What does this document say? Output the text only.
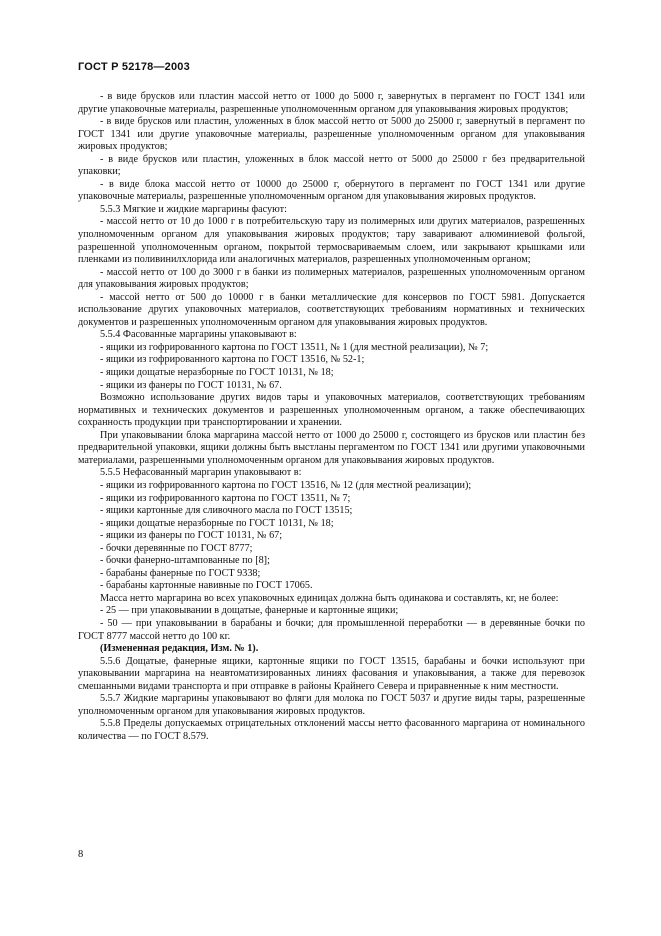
ГОСТ Р 52178—2003

- в виде брусков или пластин массой нетто от 1000 до 5000 г, завернутых в пергамент по ГОСТ 1341 или другие упаковочные материалы, разрешенные уполномоченным органом для упаковывания жировых продуктов;

- в виде брусков или пластин, уложенных в блок массой нетто от 5000 до 25000 г, завернутый в пергамент по ГОСТ 1341 или другие упаковочные материалы, разрешенные уполномоченным органом для упаковывания жировых продуктов;

- в виде брусков или пластин, уложенных в блок массой нетто от 5000 до 25000 г без предварительной упаковки;

- в виде блока массой нетто от 10000 до 25000 г, обернутого в пергамент по ГОСТ 1341 или другие упаковочные материалы, разрешенные уполномоченным органом для упаковывания жировых продуктов.

5.5.3 Мягкие и жидкие маргарины фасуют:

- массой нетто от 10 до 1000 г в потребительскую тару из полимерных или других материалов, разрешенных уполномоченным органом для упаковывания жировых продуктов; тару заваривают алюминиевой фольгой, разрешенной уполномоченным органом, покрытой термосвариваемым слоем, или закрывают крышками или пленками из поливинилхлорида или аналогичных материалов, разрешенных уполномоченным органом;

- массой нетто от 100 до 3000 г в банки из полимерных материалов, разрешенных уполномоченным органом для упаковывания жировых продуктов;

- массой нетто от 500 до 10000 г в банки металлические для консервов по ГОСТ 5981. Допускается использование других упаковочных материалов, соответствующих требованиям нормативных и технических документов и разрешенных уполномоченным органом для упаковывания жировых продуктов.

5.5.4 Фасованные маргарины упаковывают в:

- ящики из гофрированного картона по ГОСТ 13511, № 1 (для местной реализации), № 7;

- ящики из гофрированного картона по ГОСТ 13516, № 52-1;

- ящики дощатые неразборные по ГОСТ 10131, № 18;

- ящики из фанеры по ГОСТ 10131, № 67.

Возможно использование других видов тары и упаковочных материалов, соответствующих требованиям нормативных и технических документов и разрешенных уполномоченным органом, а также обеспечивающих сохранность продукции при транспортировании и хранении.

При упаковывании блока маргарина массой нетто от 1000 до 25000 г, состоящего из брусков или пластин без предварительной упаковки, ящики должны быть выстланы пергаментом по ГОСТ 1341 или другими упаковочными материалами, разрешенными уполномоченным органом для упаковывания жировых продуктов.

5.5.5 Нефасованный маргарин упаковывают в:

- ящики из гофрированного картона по ГОСТ 13516, № 12 (для местной реализации);

- ящики из гофрированного картона по ГОСТ 13511, № 7;

- ящики картонные для сливочного масла по ГОСТ 13515;

- ящики дощатые неразборные по ГОСТ 10131, № 18;

- ящики из фанеры по ГОСТ 10131, № 67;

- бочки деревянные по ГОСТ 8777;

- бочки фанерно-штампованные по [8];

- барабаны фанерные по ГОСТ 9338;

- барабаны картонные навивные по ГОСТ 17065.

Масса нетто маргарина во всех упаковочных единицах должна быть одинакова и составлять, кг, не более:

- 25 — при упаковывании в дощатые, фанерные и картонные ящики;

- 50 — при упаковывании в барабаны и бочки; для промышленной переработки — в деревянные бочки по ГОСТ 8777 массой нетто до 100 кг.

(Измененная редакция, Изм. № 1).

5.5.6 Дощатые, фанерные ящики, картонные ящики по ГОСТ 13515, барабаны и бочки используют при упаковывании маргарина на неавтоматизированных линиях фасования и упаковывания, а также для перевозок смешанными видами транспорта и при отправке в районы Крайнего Севера и приравненные к ним местности.

5.5.7 Жидкие маргарины упаковывают во фляги для молока по ГОСТ 5037 и другие виды тары, разрешенные уполномоченным органом для упаковывания жировых продуктов.

5.5.8 Пределы допускаемых отрицательных отклонений массы нетто фасованного маргарина от номинального количества — по ГОСТ 8.579.

8
